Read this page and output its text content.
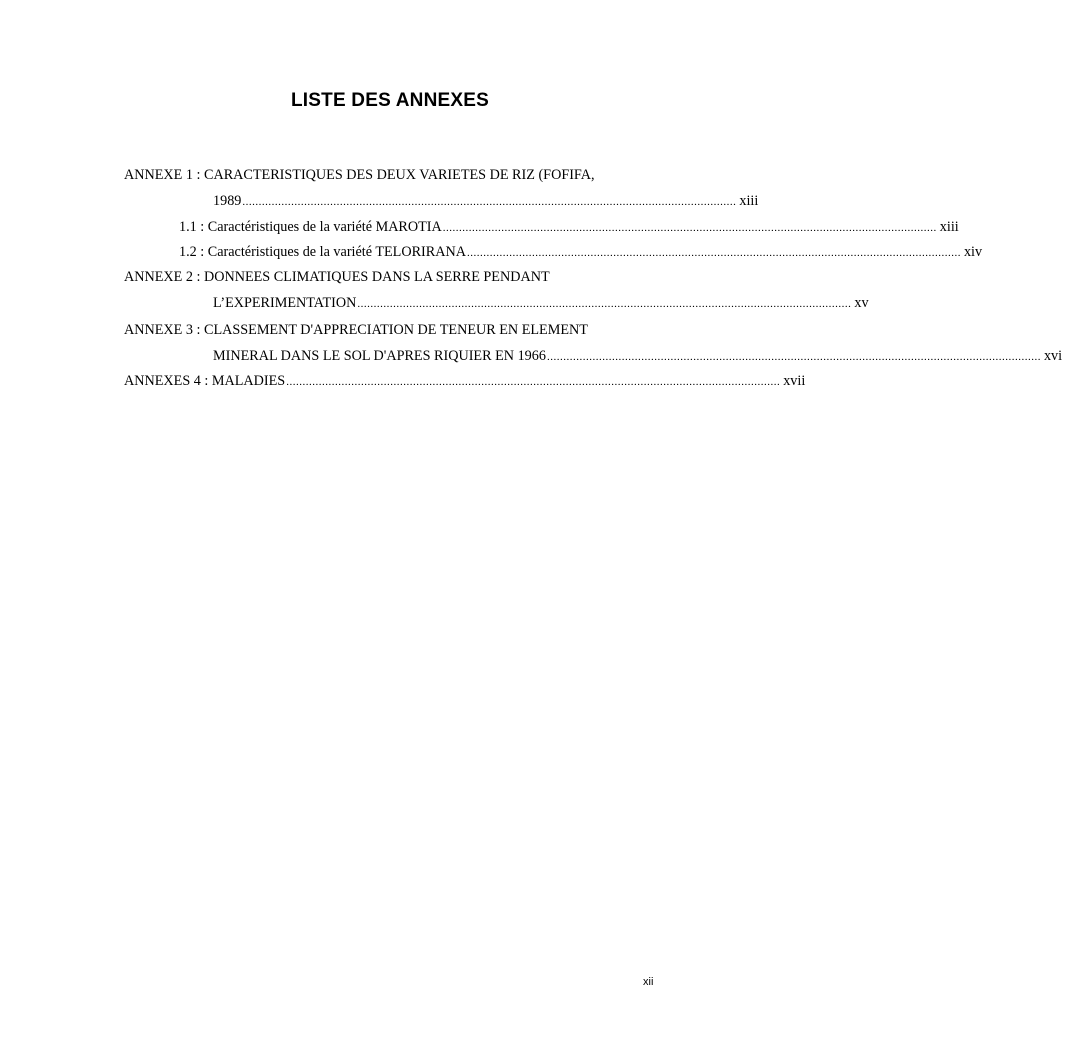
LISTE DES ANNEXES
ANNEXE 1 : CARACTERISTIQUES DES DEUX VARIETES DE RIZ (FOFIFA,
1989 ........................................................................................................................................................ xiii
1.1 : Caractéristiques de la variété MAROTIA ........................................................................................................................................................ xiii
1.2 : Caractéristiques de la variété TELORIRANA ........................................................................................................................................................ xiv
ANNEXE 2 : DONNEES CLIMATIQUES DANS LA SERRE PENDANT
L’EXPERIMENTATION ........................................................................................................................................................ xv
ANNEXE 3 : CLASSEMENT D'APPRECIATION DE TENEUR EN ELEMENT
MINERAL DANS LE SOL D'APRES RIQUIER EN 1966 ........................................................................................................................................................ xvi
ANNEXES 4 : MALADIES ........................................................................................................................................................ xvii
xii
